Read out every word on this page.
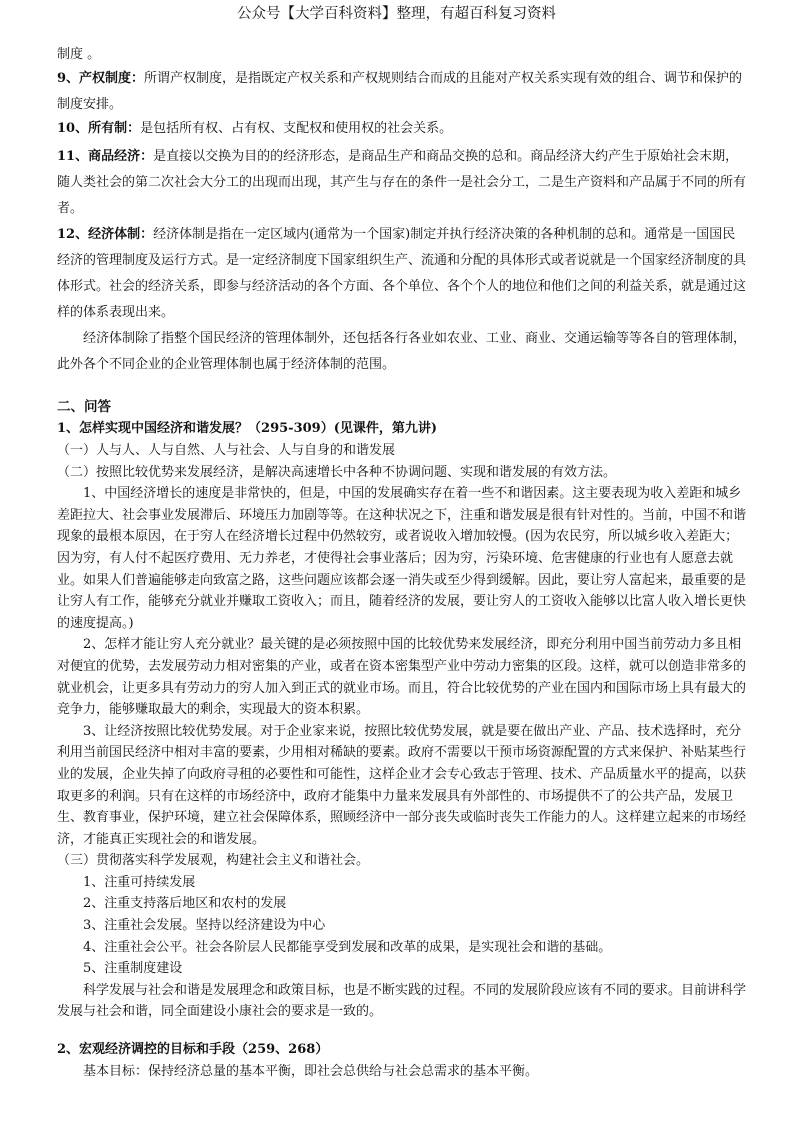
公众号【大学百科资料】整理，有超百科复习资料

制度 。

9、产权制度：所谓产权制度，是指既定产权关系和产权规则结合而成的且能对产权关系实现有效的组合、调节和保护的制度安排。

10、所有制：是包括所有权、占有权、支配权和使用权的社会关系。

11、商品经济：是直接以交换为目的的经济形态，是商品生产和商品交换的总和。商品经济大约产生于原始社会末期，随人类社会的第二次社会大分工的出现而出现，其产生与存在的条件一是社会分工，二是生产资料和产品属于不同的所有者。

12、经济体制：经济体制是指在一定区域内(通常为一个国家)制定并执行经济决策的各种机制的总和。通常是一国国民经济的管理制度及运行方式。是一定经济制度下国家组织生产、流通和分配的具体形式或者说就是一个国家经济制度的具体形式。社会的经济关系，即参与经济活动的各个方面、各个单位、各个个人的地位和他们之间的利益关系，就是通过这样的体系表现出来。

经济体制除了指整个国民经济的管理体制外，还包括各行各业如农业、工业、商业、交通运输等等各自的管理体制，此外各个不同企业的企业管理体制也属于经济体制的范围。

二、问答

1、怎样实现中国经济和谐发展？（295-309）(见课件，第九讲)

（一）人与人、人与自然、人与社会、人与自身的和谐发展

（二）按照比较优势来发展经济，是解决高速增长中各种不协调问题、实现和谐发展的有效方法。

1、中国经济增长的速度是非常快的，但是，中国的发展确实存在着一些不和谐因素。这主要表现为收入差距和城乡差距拉大、社会事业发展滞后、环境压力加剧等等。在这种状况之下，注重和谐发展是很有针对性的。当前，中国不和谐现象的最根本原因，在于穷人在经济增长过程中仍然较穷，或者说收入增加较慢。(因为农民穷，所以城乡收入差距大；因为穷，有人付不起医疗费用、无力养老，才使得社会事业落后；因为穷，污染环境、危害健康的行业也有人愿意去就业。如果人们普遍能够走向致富之路，这些问题应该都会逐一消失或至少得到缓解。因此，要让穷人富起来，最重要的是让穷人有工作，能够充分就业并赚取工资收入；而且，随着经济的发展，要让穷人的工资收入能够以比富人收入增长更快的速度提高。)

2、怎样才能让穷人充分就业？最关键的是必须按照中国的比较优势来发展经济，即充分利用中国当前劳动力多且相对便宜的优势，去发展劳动力相对密集的产业，或者在资本密集型产业中劳动力密集的区段。这样，就可以创造非常多的就业机会，让更多具有劳动力的穷人加入到正式的就业市场。而且，符合比较优势的产业在国内和国际市场上具有最大的竞争力，能够赚取最大的剩余，实现最大的资本积累。

3、让经济按照比较优势发展。对于企业家来说，按照比较优势发展，就是要在做出产业、产品、技术选择时，充分利用当前国民经济中相对丰富的要素，少用相对稀缺的要素。政府不需要以干预市场资源配置的方式来保护、补贴某些行业的发展，企业失掉了向政府寻租的必要性和可能性，这样企业才会专心致志于管理、技术、产品质量水平的提高，以获取更多的利润。只有在这样的市场经济中，政府才能集中力量来发展具有外部性的、市场提供不了的公共产品，发展卫生、教育事业，保护环境，建立社会保障体系，照顾经济中一部分丧失或临时丧失工作能力的人。这样建立起来的市场经济，才能真正实现社会的和谐发展。

（三）贯彻落实科学发展观，构建社会主义和谐社会。

1、注重可持续发展

2、注重支持落后地区和农村的发展

3、注重社会发展。坚持以经济建设为中心

4、注重社会公平。社会各阶层人民都能享受到发展和改革的成果，是实现社会和谐的基础。

5、注重制度建设

科学发展与社会和谐是发展理念和政策目标，也是不断实践的过程。不同的发展阶段应该有不同的要求。目前讲科学发展与社会和谐，同全面建设小康社会的要求是一致的。

2、宏观经济调控的目标和手段（259、268）

基本目标：保持经济总量的基本平衡，即社会总供给与社会总需求的基本平衡。
